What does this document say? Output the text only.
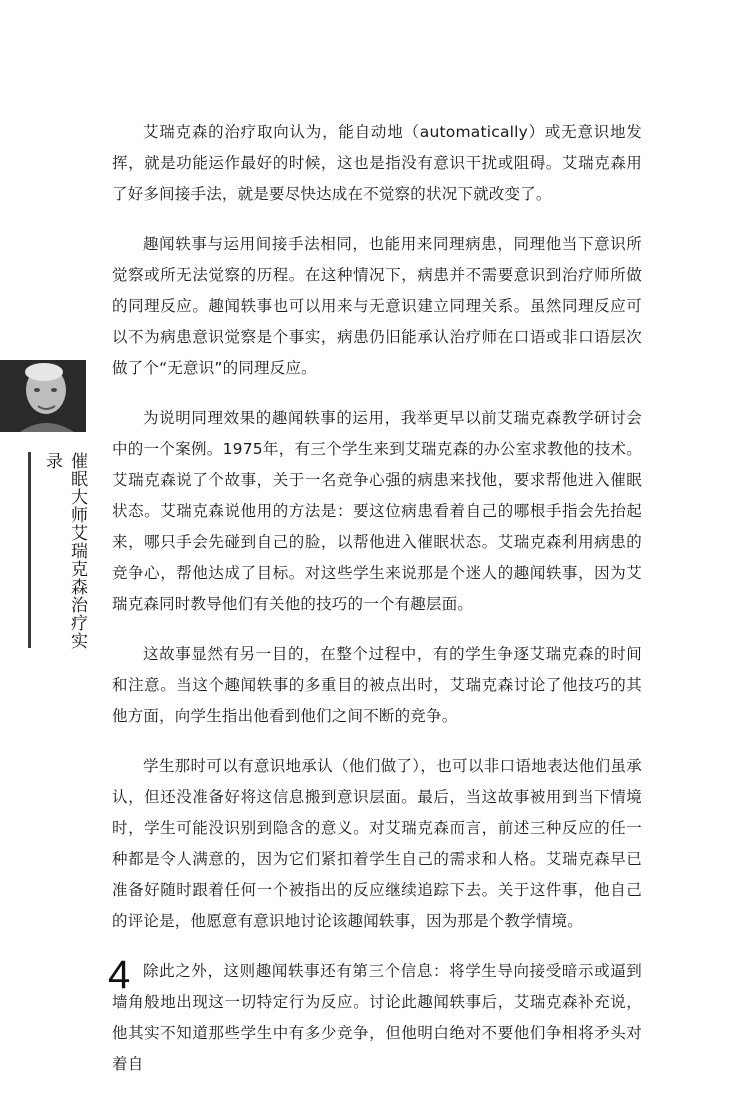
催眠大师艾瑞克森治疗实录

艾瑞克森的治疗取向认为，能自动地（automatically）或无意识地发挥，就是功能运作最好的时候，这也是指没有意识干扰或阻碍。艾瑞克森用了好多间接手法，就是要尽快达成在不觉察的状况下就改变了。

趣闻轶事与运用间接手法相同，也能用来同理病患，同理他当下意识所觉察或所无法觉察的历程。在这种情况下，病患并不需要意识到治疗师所做的同理反应。趣闻轶事也可以用来与无意识建立同理关系。虽然同理反应可以不为病患意识觉察是个事实，病患仍旧能承认治疗师在口语或非口语层次做了个“无意识”的同理反应。

为说明同理效果的趣闻轶事的运用，我举更早以前艾瑞克森教学研讨会中的一个案例。1975年，有三个学生来到艾瑞克森的办公室求教他的技术。艾瑞克森说了个故事，关于一名竞争心强的病患来找他，要求帮他进入催眠状态。艾瑞克森说他用的方法是：要这位病患看着自己的哪根手指会先抬起来，哪只手会先碰到自己的脸，以帮他进入催眠状态。艾瑞克森利用病患的竞争心，帮他达成了目标。对这些学生来说那是个迷人的趣闻轶事，因为艾瑞克森同时教导他们有关他的技巧的一个有趣层面。

这故事显然有另一目的，在整个过程中，有的学生争逐艾瑞克森的时间和注意。当这个趣闻轶事的多重目的被点出时，艾瑞克森讨论了他技巧的其他方面，向学生指出他看到他们之间不断的竞争。

学生那时可以有意识地承认（他们做了），也可以非口语地表达他们虽承认，但还没准备好将这信息搬到意识层面。最后，当这故事被用到当下情境时，学生可能没识别到隐含的意义。对艾瑞克森而言，前述三种反应的任一种都是令人满意的，因为它们紧扣着学生自己的需求和人格。艾瑞克森早已准备好随时跟着任何一个被指出的反应继续追踪下去。关于这件事，他自己的评论是，他愿意有意识地讨论该趣闻轶事，因为那是个教学情境。

除此之外，这则趣闻轶事还有第三个信息：将学生导向接受暗示或逼到墙角般地出现这一切特定行为反应。讨论此趣闻轶事后，艾瑞克森补充说，他其实不知道那些学生中有多少竞争，但他明白绝对不要他们争相将矛头对着自

4
